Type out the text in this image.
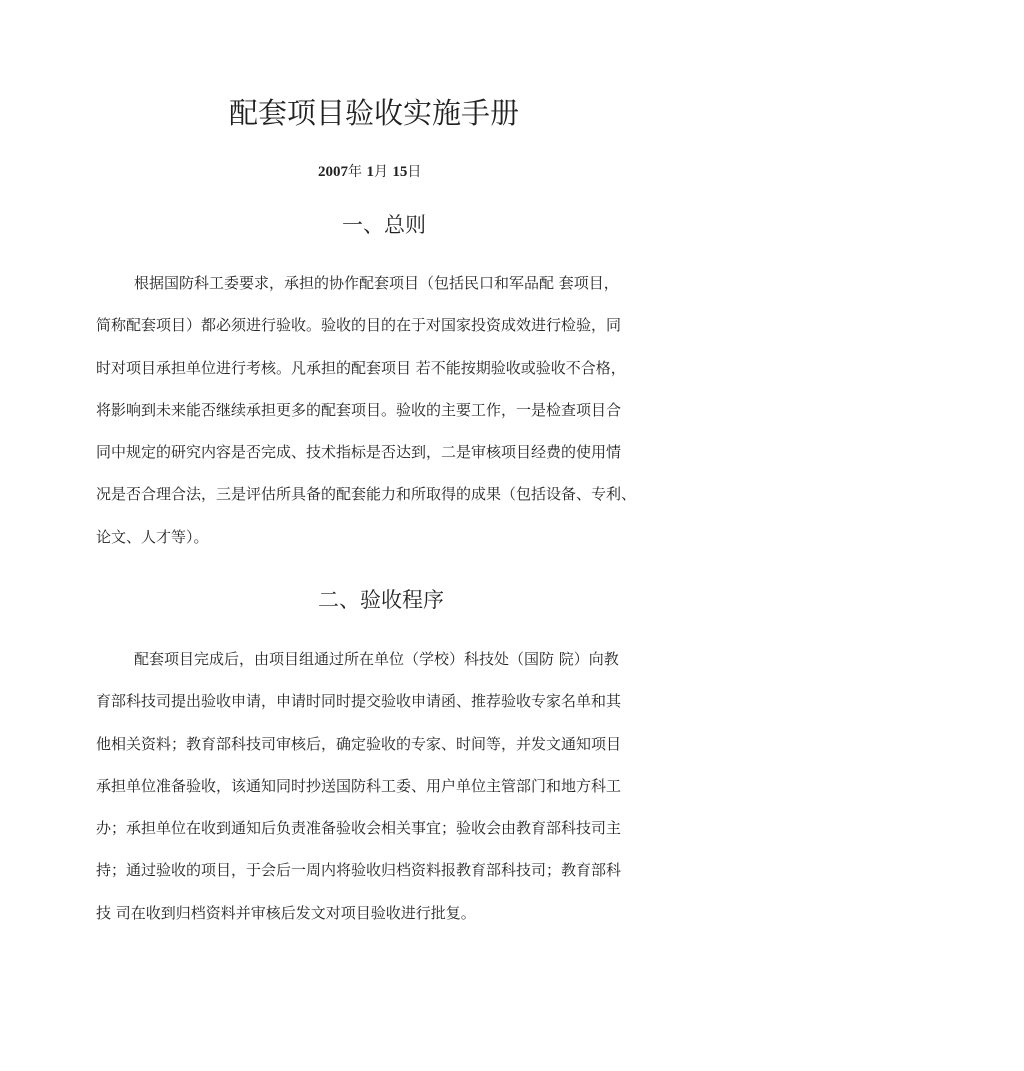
配套项目验收实施手册
2007年 1月 15日
一、总则
根据国防科工委要求，承担的协作配套项目（包括民口和军品配 套项目，
简称配套项目）都必须进行验收。验收的目的在于对国家投资成效进行检验，同
时对项目承担单位进行考核。凡承担的配套项目 若不能按期验收或验收不合格，
将影响到未来能否继续承担更多的配套项目。验收的主要工作，一是检查项目合
同中规定的研究内容是否完成、技术指标是否达到，二是审核项目经费的使用情
况是否合理合法，三是评估所具备的配套能力和所取得的成果（包括设备、专利、
论文、人才等）。
二、验收程序
配套项目完成后，由项目组通过所在单位（学校）科技处（国防 院）向教
育部科技司提出验收申请，申请时同时提交验收申请函、推荐验收专家名单和其
他相关资料；教育部科技司审核后，确定验收的专家、时间等，并发文通知项目
承担单位准备验收，该通知同时抄送国防科工委、用户单位主管部门和地方科工
办；承担单位在收到通知后负责准备验收会相关事宜；验收会由教育部科技司主
持；通过验收的项目，于会后一周内将验收归档资料报教育部科技司；教育部科
技 司在收到归档资料并审核后发文对项目验收进行批复。
